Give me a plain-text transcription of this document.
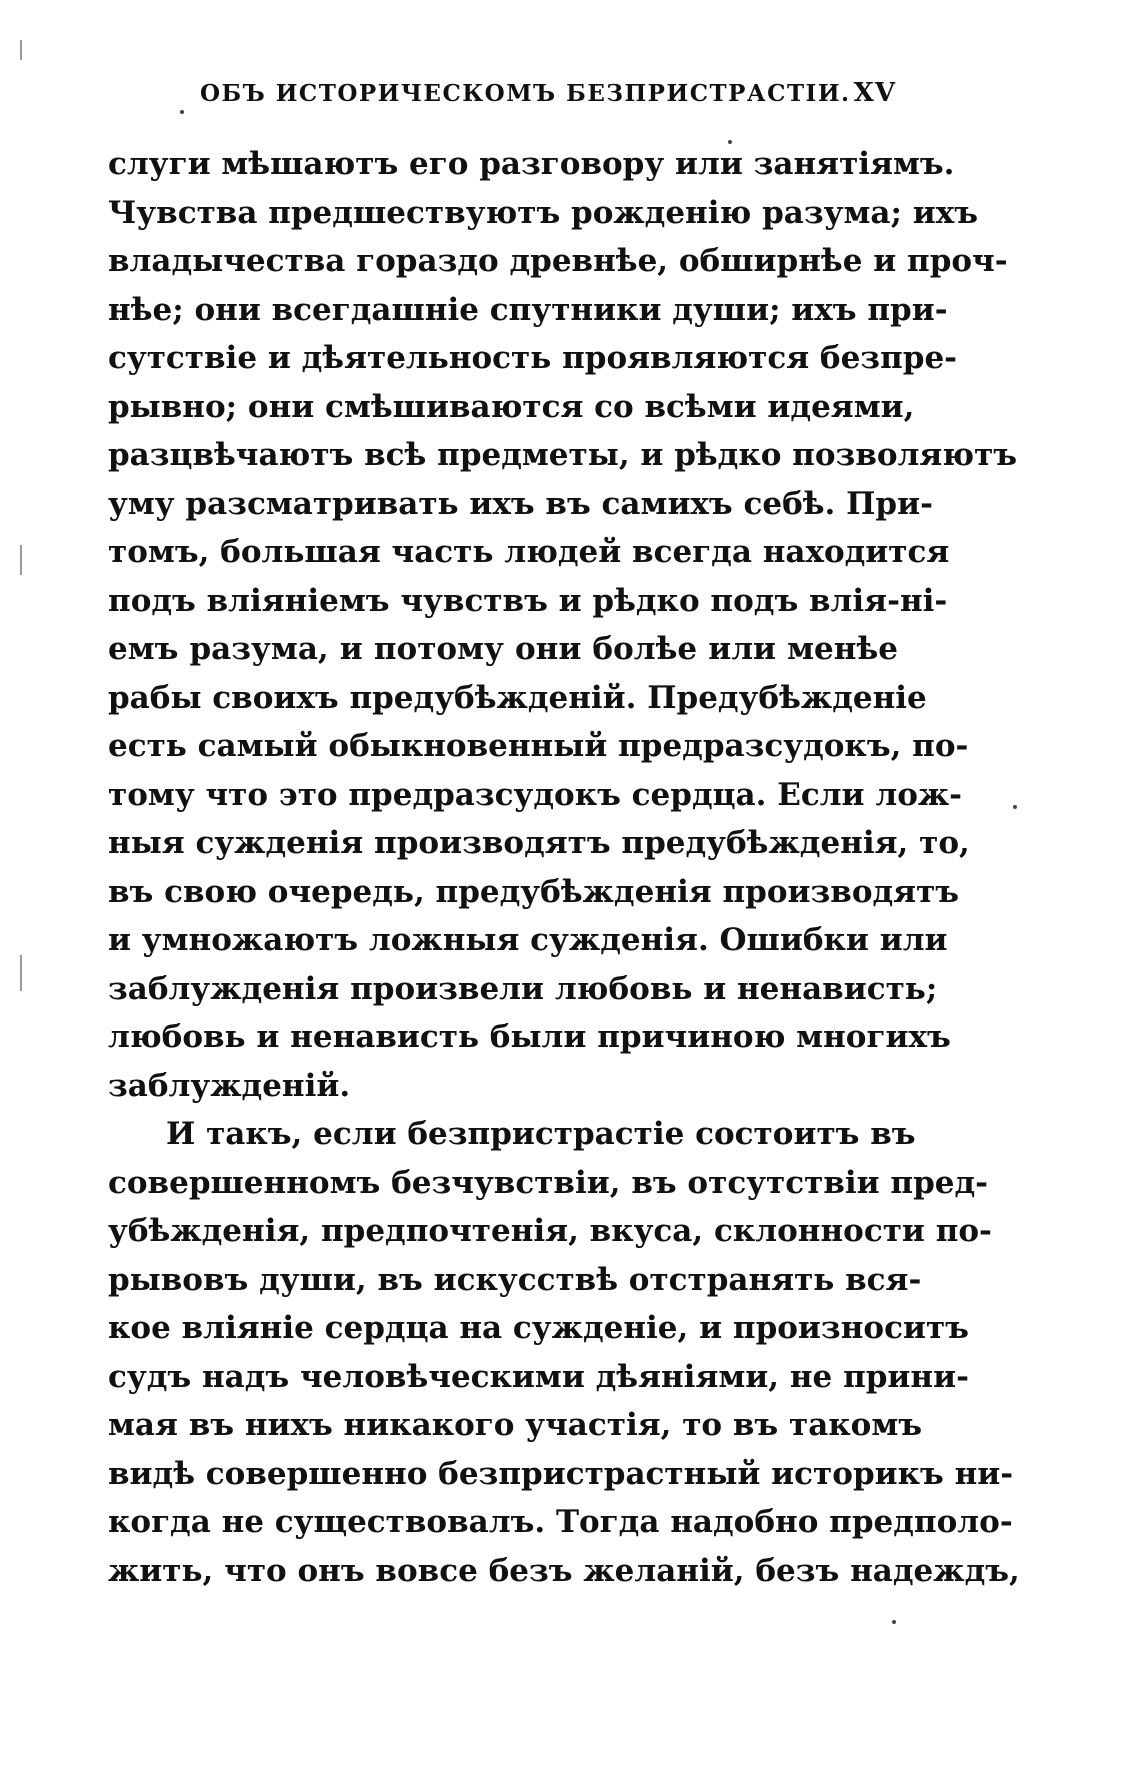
ОБЪ ИСТОРИЧЕСКОМЪ БЕЗПРИСТРАСТІИ. XV
слуги мѣшаютъ его разговору или занятіямъ.
Чувства предшествуютъ рожденію разума; ихъ
владычества гораздо древнѣе, обширнѣе и проч-
нѣе; они всегдашніе спутники души; ихъ при-
сутствіе и дѣятельность проявляются безпре-
рывно; они смѣшиваются со всѣми идеями,
разцвѣчаютъ всѣ предметы, и рѣдко позволяютъ
уму разсматривать ихъ въ самихъ себѣ. При-
томъ, большая часть людей всегда находится
подъ вліяніемъ чувствъ и рѣдко подъ влія-ні-
емъ разума, и потому они болѣе или менѣе
рабы своихъ предубѣжденій. Предубѣжденіе
есть самый обыкновенный предразсудокъ, по-
тому что это предразсудокъ сердца. Если лож-
ныя сужденія производятъ предубѣжденія, то,
въ свою очередь, предубѣжденія производятъ
и умножаютъ ложныя сужденія. Ошибки или
заблужденія произвели любовь и ненависть;
любовь и ненависть были причиною многихъ
заблужденій.
И такъ, если безпристрастіе состоитъ въ
совершенномъ безчувствіи, въ отсутствіи пред-
убѣжденія, предпочтенія, вкуса, склонности по-
рывовъ души, въ искусствѣ отстранять вся-
кое вліяніе сердца на сужденіе, и произноситъ
судъ надъ человѣческими дѣяніями, не прини-
мая въ нихъ никакого участія, то въ такомъ
видѣ совершенно безпристрастный историкъ ни-
когда не существовалъ. Тогда надобно предполо-
жить, что онъ вовсе безъ желаній, безъ надеждъ,
